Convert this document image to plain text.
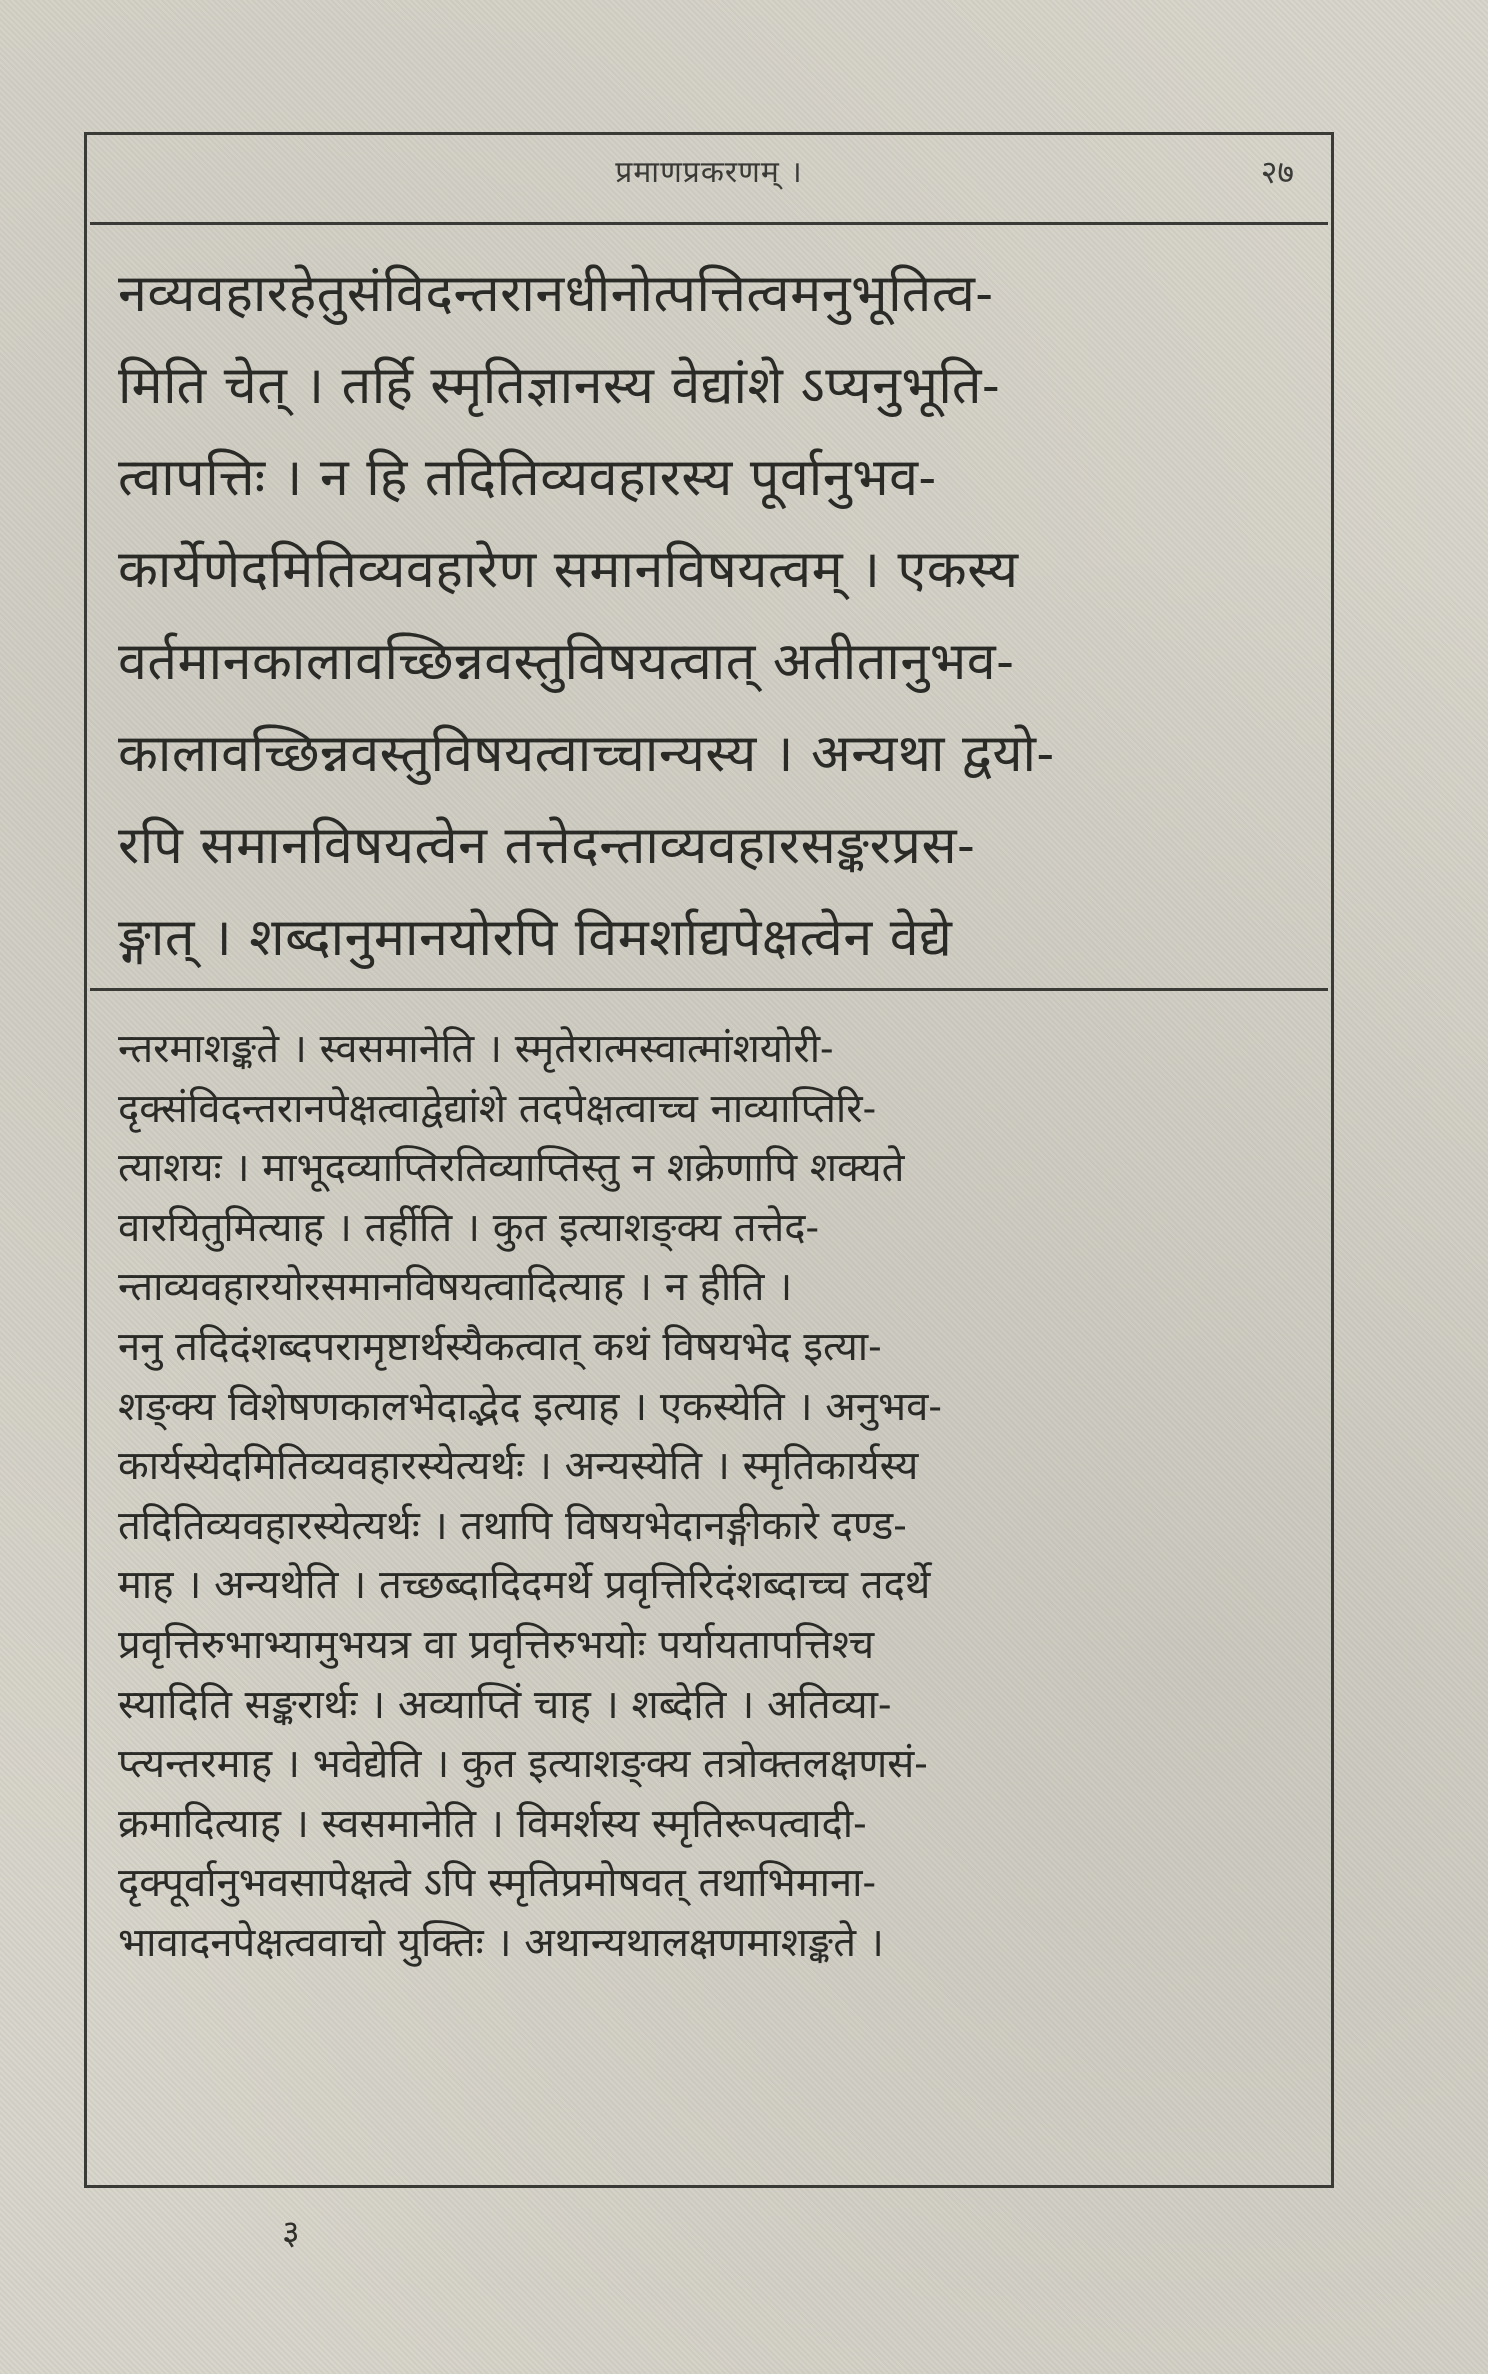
प्रमाणप्रकरणम् ।	२७
नव्यवहारहेतुसंविदन्तरानधीनोत्पत्तित्वमनुभूतित्व-
मिति चेत् । तर्हि स्मृतिज्ञानस्य वेद्यांशे ऽप्यनुभूति-
त्वापत्तिः । न हि तदितिव्यवहारस्य पूर्वानुभव-
कार्येणेदमितिव्यवहारेण समानविषयत्वम् । एकस्य
वर्तमानकालावच्छिन्नवस्तुविषयत्वात् अतीतानुभव-
कालावच्छिन्नवस्तुविषयत्वाच्चान्यस्य । अन्यथा द्वयो-
रपि समानविषयत्वेन तत्तेदन्ताव्यवहारसङ्करप्रस-
ङ्गात् । शब्दानुमानयोरपि विमर्शाद्यपेक्षत्वेन वेद्ये
न्तरमाशङ्कते । स्वसमानेति । स्मृतेरात्मस्वात्मांशयोरी-
दृक्संविदन्तरानपेक्षत्वाद्वेद्यांशे तदपेक्षत्वाच्च नाव्याप्तिरि-
त्याशयः । माभूदव्याप्तिरतिव्याप्तिस्तु न शक्रेणापि शक्यते
वारयितुमित्याह । तर्हीति । कुत इत्याशङ्क्य तत्तेद-
न्ताव्यवहारयोरसमानविषयत्वादित्याह । न हीति ।
ननु तदिदंशब्दपरामृष्टार्थस्यैकत्वात् कथं विषयभेद इत्या-
शङ्क्य विशेषणकालभेदाद्भेद इत्याह । एकस्येति । अनुभव-
कार्यस्येदमितिव्यवहारस्येत्यर्थः । अन्यस्येति । स्मृतिकार्यस्य
तदितिव्यवहारस्येत्यर्थः । तथापि विषयभेदानङ्गीकारे दण्ड-
माह । अन्यथेति । तच्छब्दादिदमर्थे प्रवृत्तिरिदंशब्दाच्च तदर्थे
प्रवृत्तिरुभाभ्यामुभयत्र वा प्रवृत्तिरुभयोः पर्यायतापत्तिश्च
स्यादिति सङ्करार्थः । अव्याप्तिं चाह । शब्देति । अतिव्या-
प्त्यन्तरमाह । भवेद्येति । कुत इत्याशङ्क्य तत्रोक्तलक्षणसं-
क्रमादित्याह । स्वसमानेति । विमर्शस्य स्मृतिरूपत्वादी-
दृक्पूर्वानुभवसापेक्षत्वे ऽपि स्मृतिप्रमोषवत् तथाभिमाना-
भावादनपेक्षत्ववाचो युक्तिः । अथान्यथालक्षणमाशङ्कते ।
३
